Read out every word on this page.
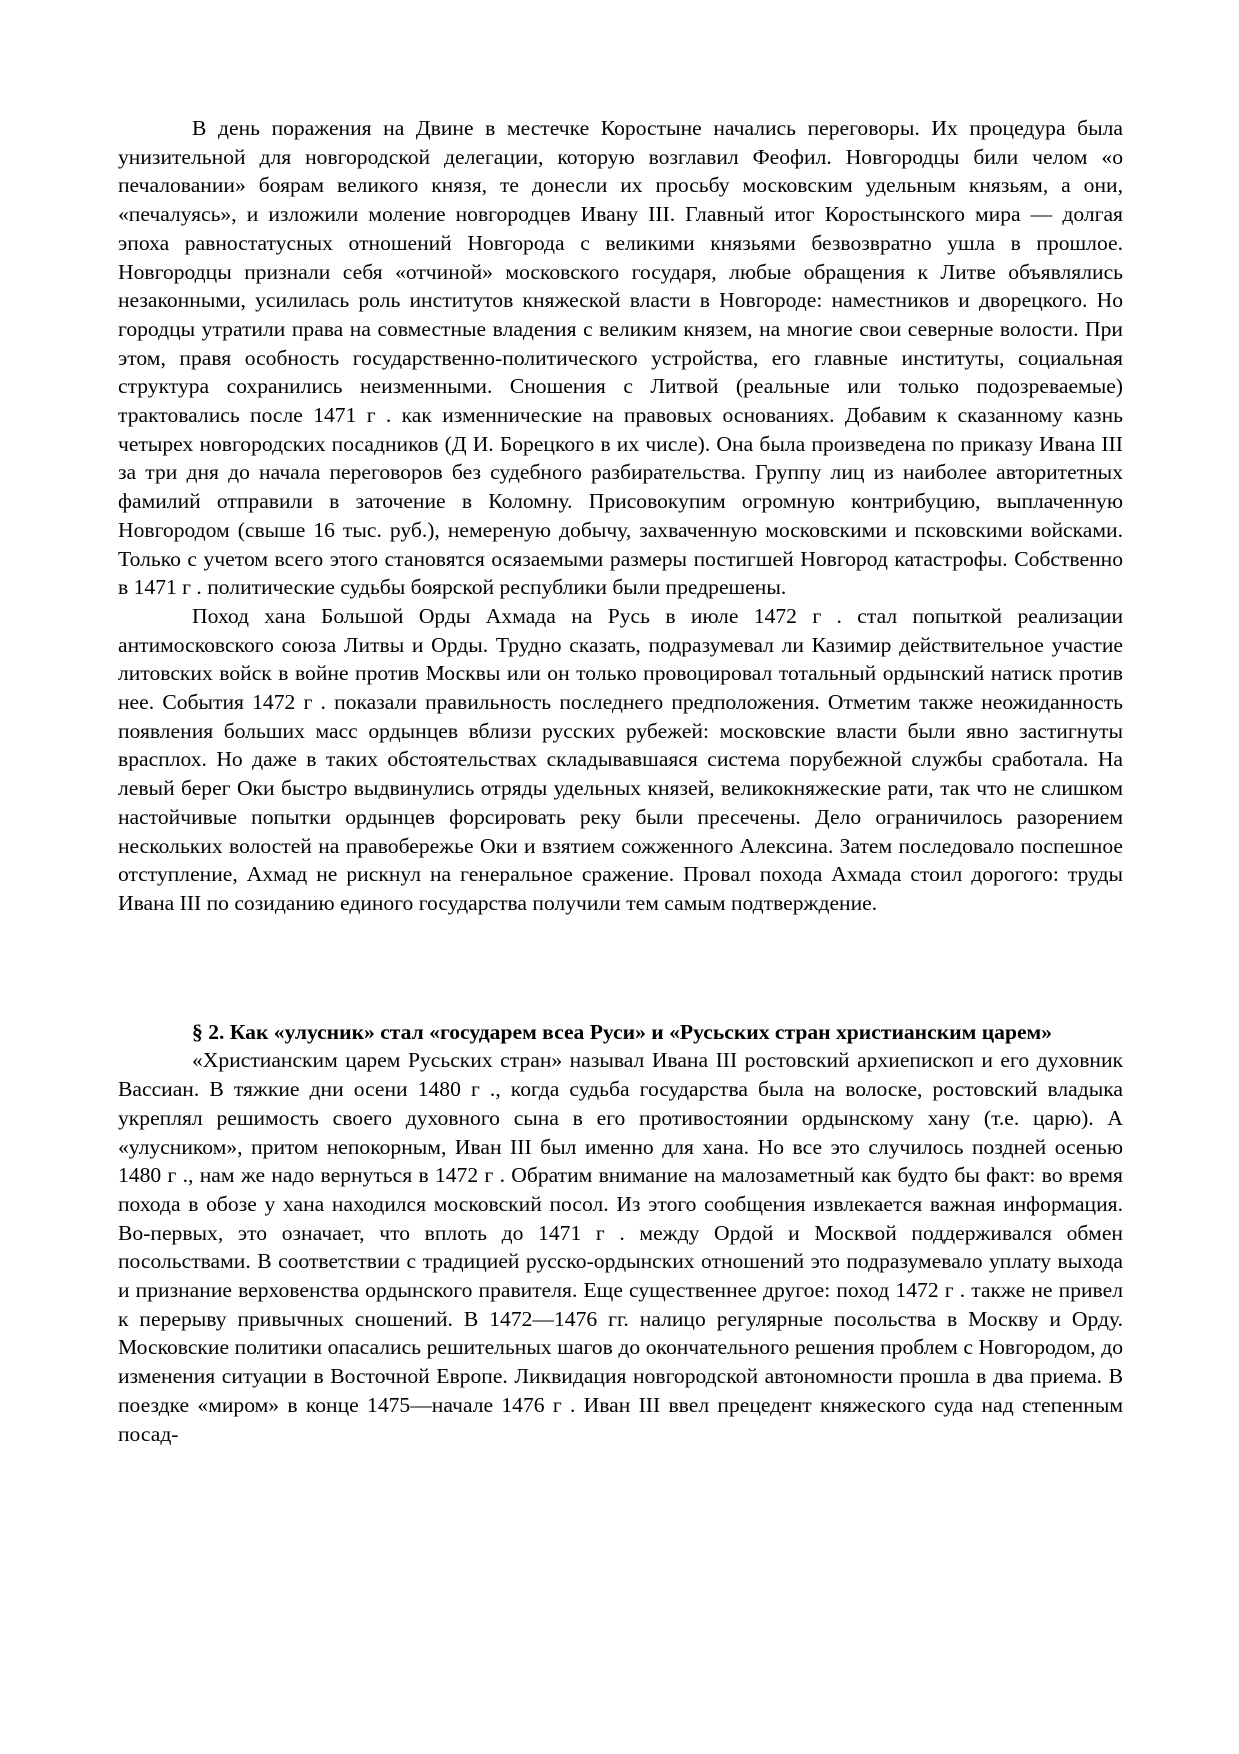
В день поражения на Двине в местечке Коростыне начались переговоры. Их процедура была унизительной для новгородской делегации, которую возглавил Феофил. Новгородцы били челом «о печаловании» боярам великого князя, те донесли их просьбу московским удельным князьям, а они, «печалуясь», и изложили моление новгородцев Ивану III. Главный итог Коростынского мира — долгая эпоха равностатусных отношений Новгорода с великими князьями безвозвратно ушла в прошлое. Новгородцы признали себя «отчиной» московского государя, любые обращения к Литве объявлялись незаконными, усилилась роль институтов княжеской власти в Новгороде: наместников и дворецкого. Но городцы утратили права на совместные владения с великим князем, на многие свои северные волости. При этом, правя особность государственно-политического устройства, его главные институты, социальная структура сохранились неизменными. Сношения с Литвой (реальные или только подозреваемые) трактовались после 1471 г . как изменнические на правовых основаниях. Добавим к сказанному казнь четырех новгородских посадников (Д И. Борецкого в их числе). Она была произведена по приказу Ивана III за три дня до начала переговоров без судебного разбирательства. Группу лиц из наиболее авторитетных фамилий отправили в заточение в Коломну. Присовокупим огромную контрибуцию, выплаченную Новгородом (свыше 16 тыс. руб.), немереную добычу, захваченную московскими и псковскими войсками. Только с учетом всего этого становятся осязаемыми размеры постигшей Новгород катастрофы. Собственно в 1471 г . политические судьбы боярской республики были предрешены.

Поход хана Большой Орды Ахмада на Русь в июле 1472 г . стал попыткой реализации антимосковского союза Литвы и Орды. Трудно сказать, подразумевал ли Казимир действительное участие литовских войск в войне против Москвы или он только провоцировал тотальный ордынский натиск против нее. События 1472 г . показали правильность последнего предположения. Отметим также неожиданность появления больших масс ордынцев вблизи русских рубежей: московские власти были явно застигнуты врасплох. Но даже в таких обстоятельствах складывавшаяся система порубежной службы сработала. На левый берег Оки быстро выдвинулись отряды удельных князей, великокняжеские рати, так что не слишком настойчивые попытки ордынцев форсировать реку были пресечены. Дело ограничилось разорением нескольких волостей на правобережье Оки и взятием сожженного Алексина. Затем последовало поспешное отступление, Ахмад не рискнул на генеральное сражение. Провал похода Ахмада стоил дорогого: труды Ивана III по созиданию единого государства получили тем самым подтверждение.

§ 2. Как «улусник» стал «государем всеа Руси» и «Русьских стран христианским царем»

«Христианским царем Русьских стран» называл Ивана III ростовский архиепископ и его духовник Вассиан. В тяжкие дни осени 1480 г ., когда судьба государства была на волоске, ростовский владыка укреплял решимость своего духовного сына в его противостоянии ордынскому хану (т.е. царю). А «улусником», притом непокорным, Иван III был именно для хана. Но все это случилось поздней осенью 1480 г ., нам же надо вернуться в 1472 г . Обратим внимание на малозаметный как будто бы факт: во время похода в обозе у хана находился московский посол. Из этого сообщения извлекается важная информация. Во-первых, это означает, что вплоть до 1471 г . между Ордой и Москвой поддерживался обмен посольствами. В соответствии с традицией русско-ордынских отношений это подразумевало уплату выхода и признание верховенства ордынского правителя. Еще существеннее другое: поход 1472 г . также не привел к перерыву привычных сношений. В 1472—1476 гг. налицо регулярные посольства в Москву и Орду. Московские политики опасались решительных шагов до окончательного решения проблем с Новгородом, до изменения ситуации в Восточной Европе. Ликвидация новгородской автономности прошла в два приема. В поездке «миром» в конце 1475—начале 1476 г . Иван III ввел прецедент княжеского суда над степенным посад-
